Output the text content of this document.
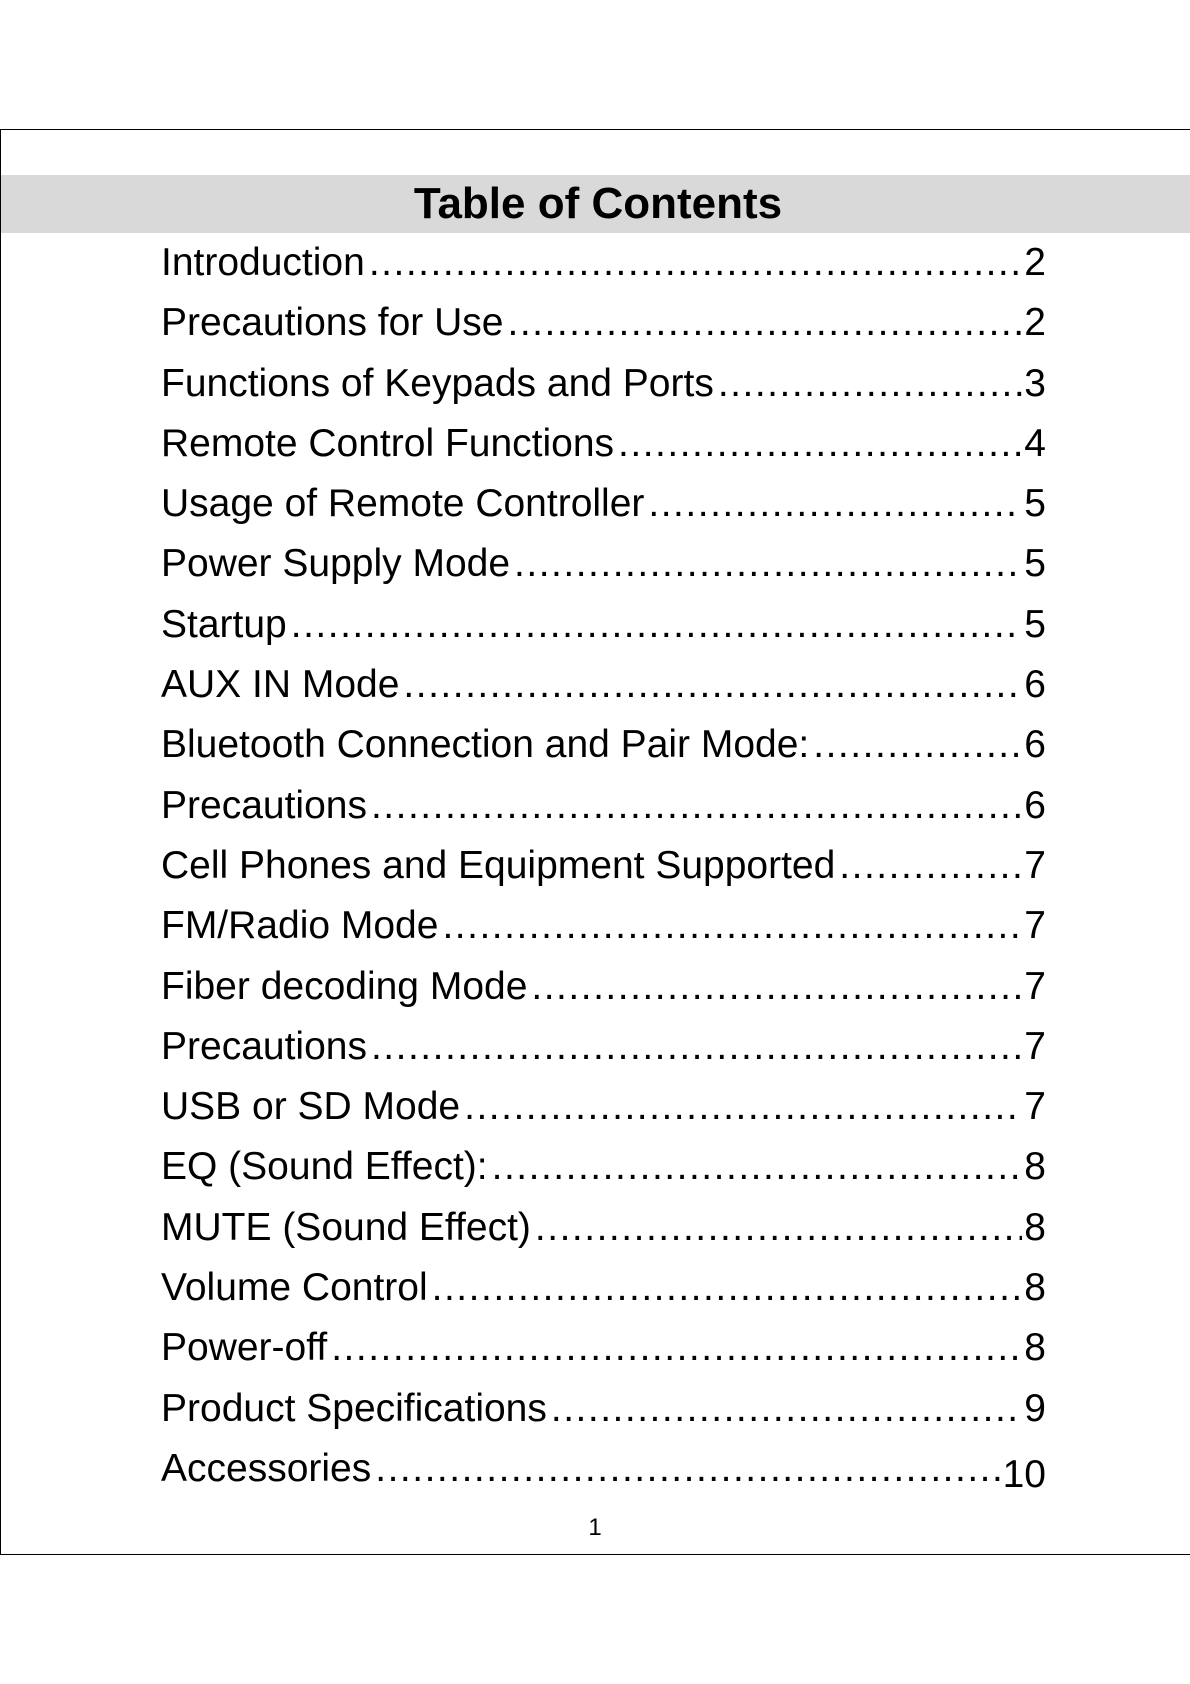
Table of Contents
Introduction .....	2
Precautions for Use .....	2
Functions of Keypads and Ports .....	3
Remote Control Functions .....	4
Usage of Remote Controller .....	5
Power Supply Mode .....	5
Startup .....	5
AUX IN Mode .....	6
Bluetooth Connection and Pair Mode: .....	6
Precautions .....	6
Cell Phones and Equipment Supported .....	7
FM/Radio Mode .....	7
Fiber decoding Mode .....	7
Precautions .....	7
USB or SD Mode .....	7
EQ (Sound Effect): .....	8
MUTE (Sound Effect) .....	8
Volume Control .....	8
Power-off .....	8
Product Specifications .....	9
Accessories .....	10
1
